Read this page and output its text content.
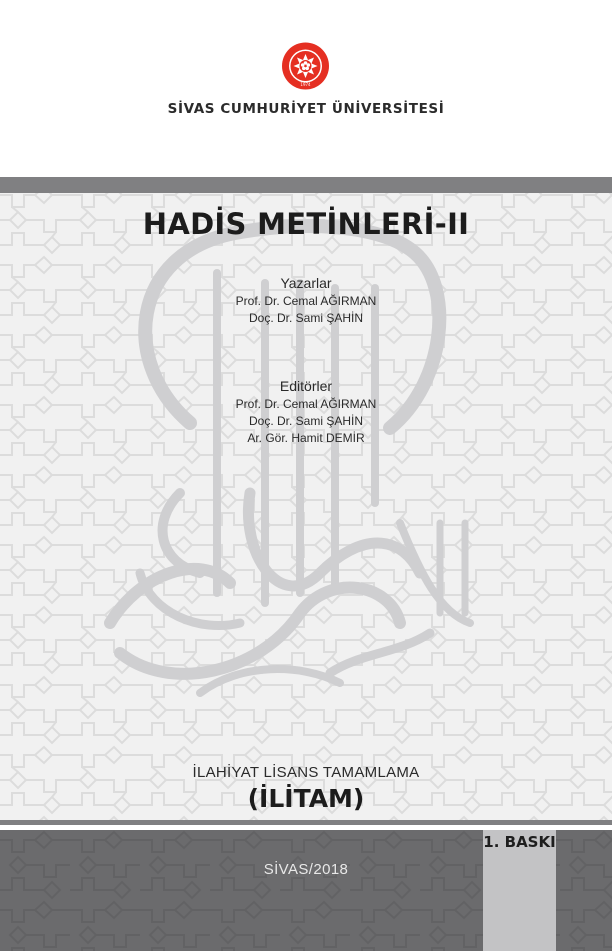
1974
SİVAS CUMHURİYET ÜNİVERSİTESİ
HADİS METİNLERİ-II
Yazarlar
Prof. Dr. Cemal AĞIRMAN
Doç. Dr. Sami ŞAHİN
Editörler
Prof. Dr. Cemal AĞIRMAN
Doç. Dr. Sami ŞAHİN
Ar. Gör. Hamit DEMİR
İLAHİYAT LİSANS TAMAMLAMA
(İLİTAM)
SİVAS/2018
1. BASKI
